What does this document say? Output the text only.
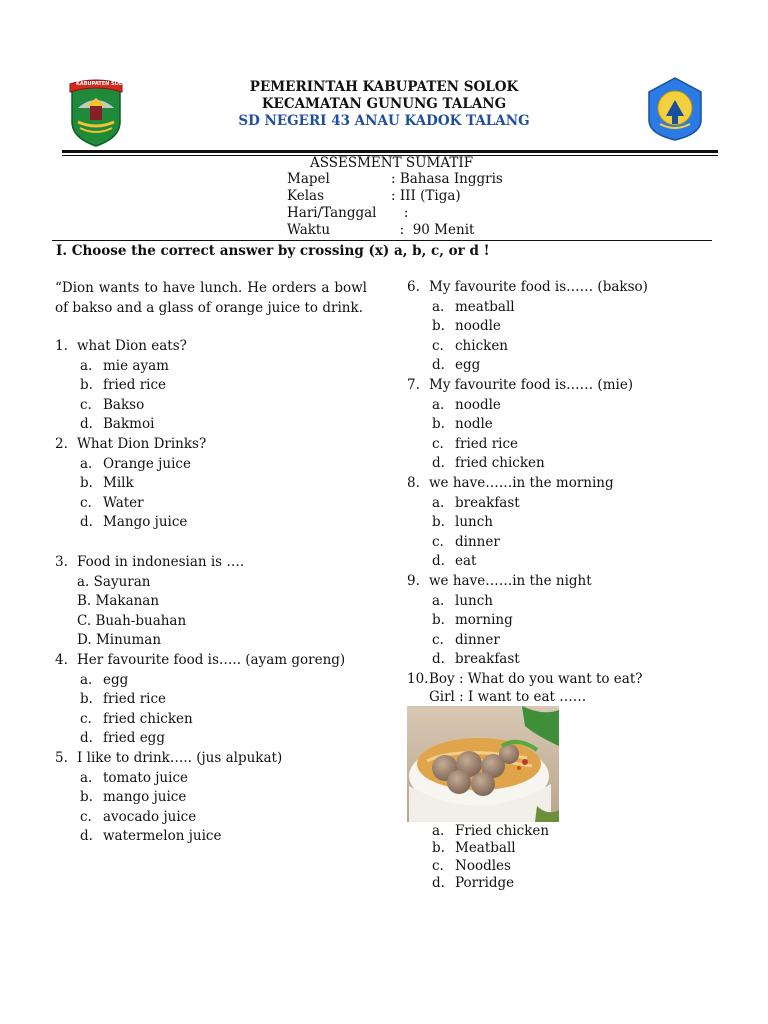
KABUPATEN SOLOK	PEMERINTAH KABUPATEN SOLOK
KECAMATAN GUNUNG TALANG
SD NEGERI 43 ANAU KADOK TALANG
ASSESMENT SUMATIF
Mapel	: Bahasa Inggris
Kelas	: III (Tiga)
Hari/Tanggal   :
Waktu	:  90 Menit
I. Choose the correct answer by crossing (x) a, b, c, or d !
“Dion wants to have lunch. He orders a bowl of bakso and a glass of orange juice to drink.
1. what Dion eats?
a. mie ayam
b. fried rice
c. Bakso
d. Bakmoi
2. What Dion Drinks?
a. Orange juice
b. Milk
c. Water
d. Mango juice
3. Food in indonesian is ….
a. Sayuran
B. Makanan
C. Buah-buahan
D. Minuman
4. Her favourite food is….. (ayam goreng)
a. egg
b. fried rice
c. fried chicken
d. fried egg
5. I like to drink….. (jus alpukat)
a. tomato juice
b. mango juice
c. avocado juice
d. watermelon juice
6. My favourite food is…… (bakso)
a. meatball
b. noodle
c. chicken
d. egg
7. My favourite food is…… (mie)
a. noodle
b. nodle
c. fried rice
d. fried chicken
8. we have……in the morning
a. breakfast
b. lunch
c. dinner
d. eat
9. we have……in the night
a. lunch
b. morning
c. dinner
d. breakfast
10.Boy : What do you want to eat?
Girl : I want to eat ……
a. Fried chicken
b. Meatball
c. Noodles
d. Porridge
